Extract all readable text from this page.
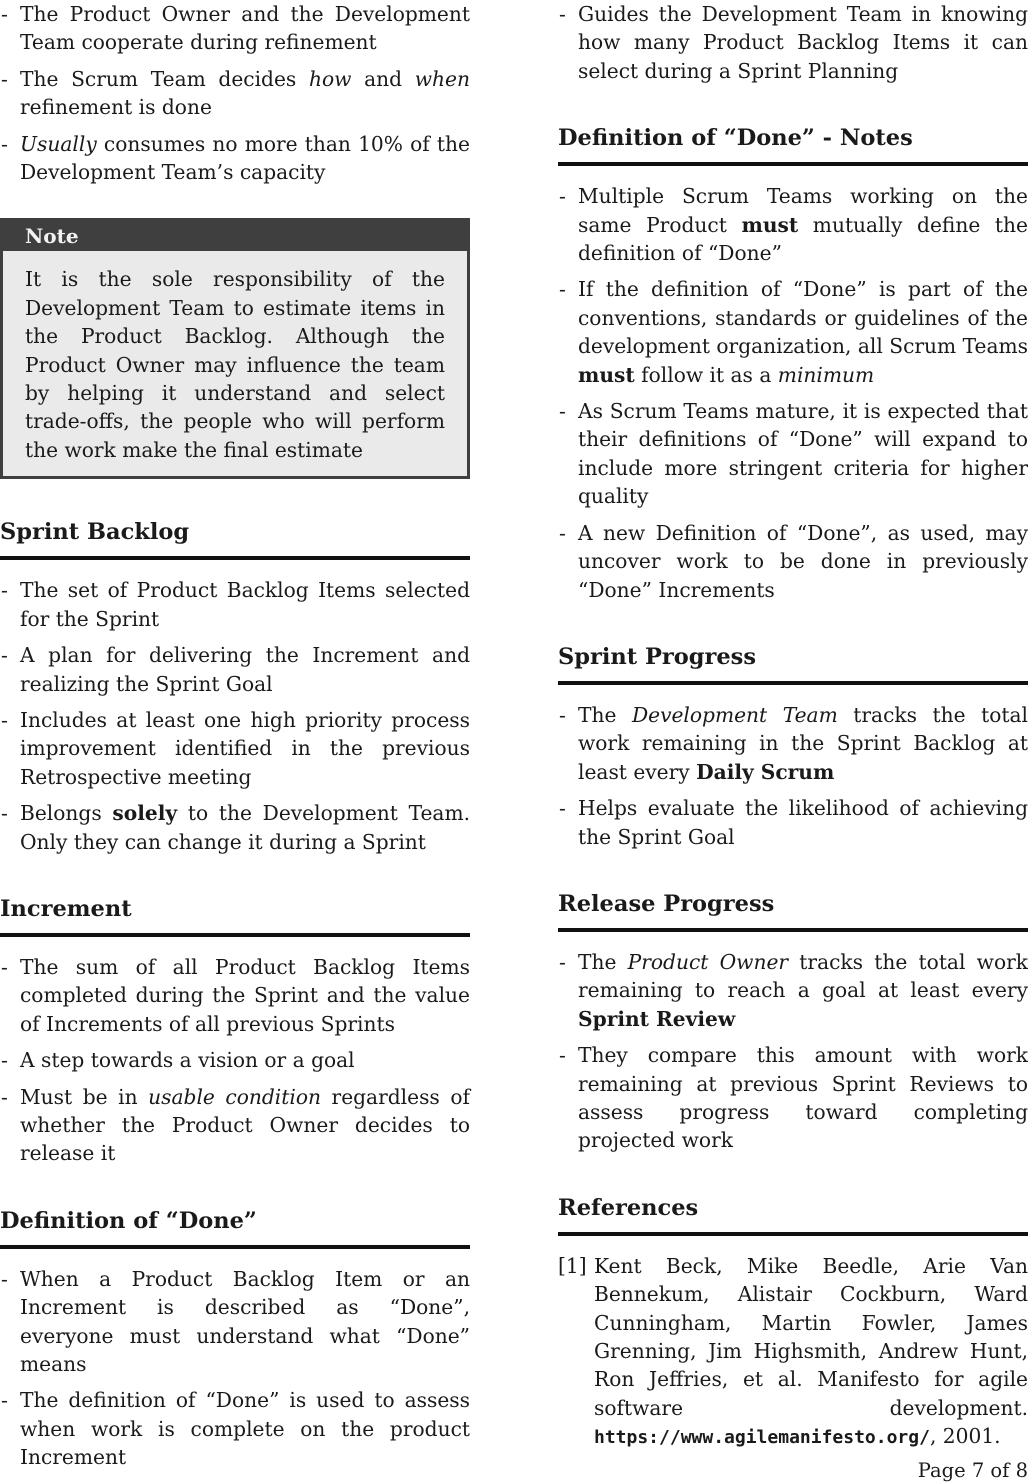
- The Product Owner and the Development Team cooperate during refinement
- The Scrum Team decides how and when refinement is done
- Usually consumes no more than 10% of the Development Team’s capacity
Note
It is the sole responsibility of the Development Team to estimate items in the Product Backlog. Although the Product Owner may influence the team by helping it understand and select trade-offs, the people who will perform the work make the final estimate
Sprint Backlog
- The set of Product Backlog Items selected for the Sprint
- A plan for delivering the Increment and realizing the Sprint Goal
- Includes at least one high priority process improvement identified in the previous Retrospective meeting
- Belongs solely to the Development Team. Only they can change it during a Sprint
Increment
- The sum of all Product Backlog Items completed during the Sprint and the value of Increments of all previous Sprints
- A step towards a vision or a goal
- Must be in usable condition regardless of whether the Product Owner decides to release it
Definition of “Done”
- When a Product Backlog Item or an Increment is described as “Done”, everyone must understand what “Done” means
- The definition of “Done” is used to assess when work is complete on the product Increment
- Guides the Development Team in knowing how many Product Backlog Items it can select during a Sprint Planning
Definition of “Done” - Notes
- Multiple Scrum Teams working on the same Product must mutually define the definition of “Done”
- If the definition of “Done” is part of the conventions, standards or guidelines of the development organization, all Scrum Teams must follow it as a minimum
- As Scrum Teams mature, it is expected that their definitions of “Done” will expand to include more stringent criteria for higher quality
- A new Definition of “Done”, as used, may uncover work to be done in previously “Done” Increments
Sprint Progress
- The Development Team tracks the total work remaining in the Sprint Backlog at least every Daily Scrum
- Helps evaluate the likelihood of achieving the Sprint Goal
Release Progress
- The Product Owner tracks the total work remaining to reach a goal at least every Sprint Review
- They compare this amount with work remaining at previous Sprint Reviews to assess progress toward completing projected work
References
[1] Kent Beck, Mike Beedle, Arie Van Bennekum, Alistair Cockburn, Ward Cunningham, Martin Fowler, James Grenning, Jim Highsmith, Andrew Hunt, Ron Jeffries, et al. Manifesto for agile software development. https://www.agilemanifesto.org/, 2001.
Page 7 of 8
